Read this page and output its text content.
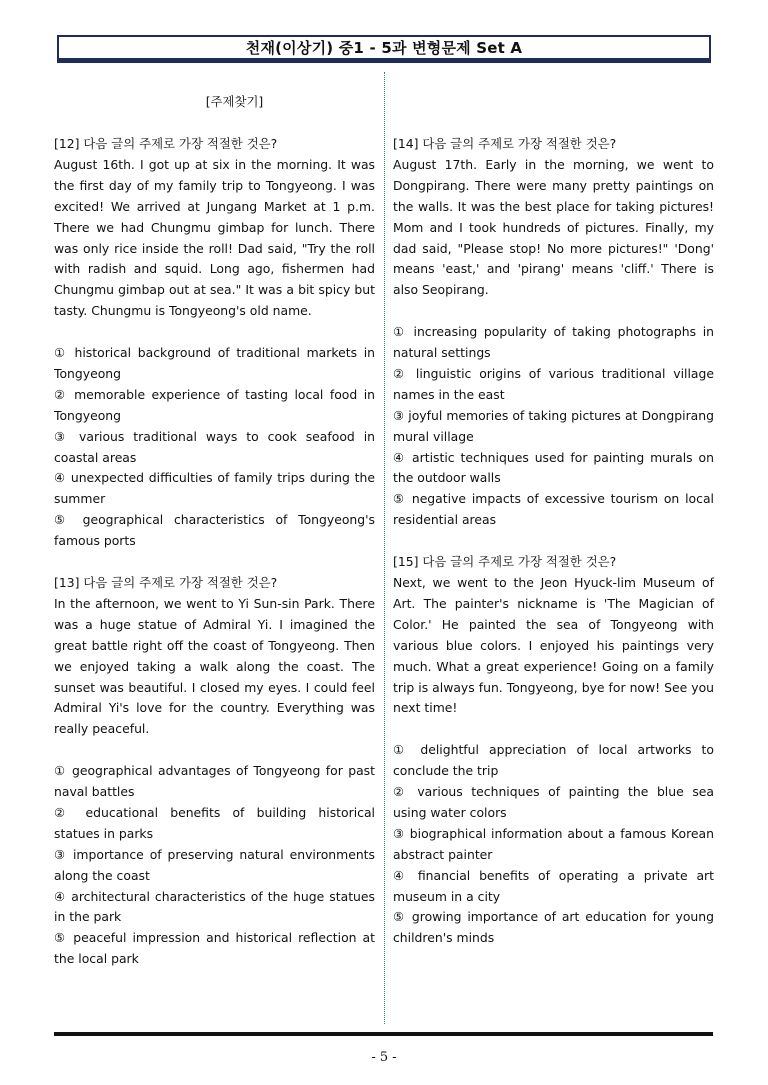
천재(이상기) 중1 - 5과 변형문제 Set A
[주제찾기]
[12] 다음 글의 주제로 가장 적절한 것은?
August 16th. I got up at six in the morning. It was the first day of my family trip to Tongyeong. I was excited! We arrived at Jungang Market at 1 p.m. There we had Chungmu gimbap for lunch. There was only rice inside the roll! Dad said, "Try the roll with radish and squid. Long ago, fishermen had Chungmu gimbap out at sea." It was a bit spicy but tasty. Chungmu is Tongyeong's old name.
① historical background of traditional markets in Tongyeong
② memorable experience of tasting local food in Tongyeong
③ various traditional ways to cook seafood in coastal areas
④ unexpected difficulties of family trips during the summer
⑤ geographical characteristics of Tongyeong's famous ports
[13] 다음 글의 주제로 가장 적절한 것은?
In the afternoon, we went to Yi Sun-sin Park. There was a huge statue of Admiral Yi. I imagined the great battle right off the coast of Tongyeong. Then we enjoyed taking a walk along the coast. The sunset was beautiful. I closed my eyes. I could feel Admiral Yi's love for the country. Everything was really peaceful.
① geographical advantages of Tongyeong for past naval battles
② educational benefits of building historical statues in parks
③ importance of preserving natural environments along the coast
④ architectural characteristics of the huge statues in the park
⑤ peaceful impression and historical reflection at the local park
[14] 다음 글의 주제로 가장 적절한 것은?
August 17th. Early in the morning, we went to Dongpirang. There were many pretty paintings on the walls. It was the best place for taking pictures! Mom and I took hundreds of pictures. Finally, my dad said, "Please stop! No more pictures!" 'Dong' means 'east,' and 'pirang' means 'cliff.' There is also Seopirang.
① increasing popularity of taking photographs in natural settings
② linguistic origins of various traditional village names in the east
③ joyful memories of taking pictures at Dongpirang mural village
④ artistic techniques used for painting murals on the outdoor walls
⑤ negative impacts of excessive tourism on local residential areas
[15] 다음 글의 주제로 가장 적절한 것은?
Next, we went to the Jeon Hyuck-lim Museum of Art. The painter's nickname is 'The Magician of Color.' He painted the sea of Tongyeong with various blue colors. I enjoyed his paintings very much. What a great experience! Going on a family trip is always fun. Tongyeong, bye for now! See you next time!
① delightful appreciation of local artworks to conclude the trip
② various techniques of painting the blue sea using water colors
③ biographical information about a famous Korean abstract painter
④ financial benefits of operating a private art museum in a city
⑤ growing importance of art education for young children's minds
- 5 -
